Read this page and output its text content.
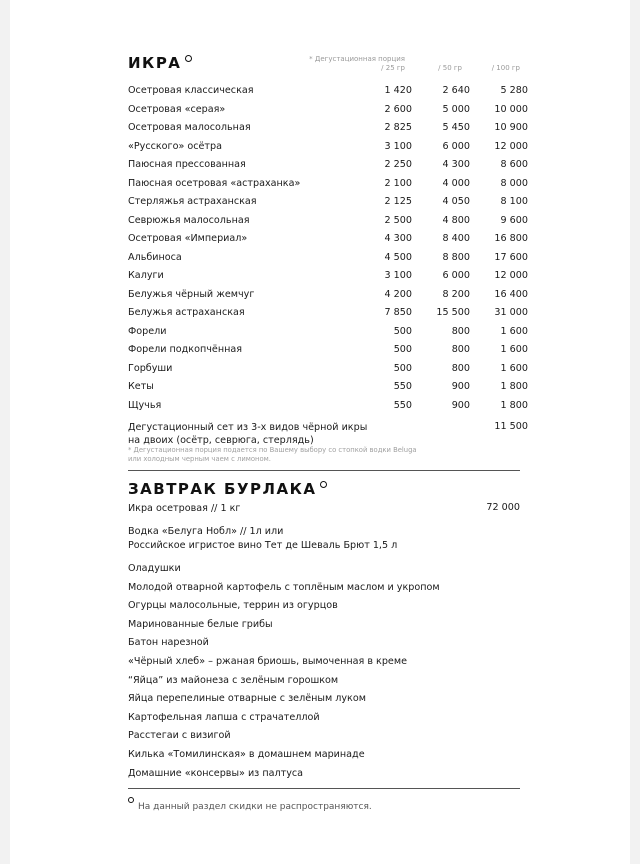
ИКРА	* Дегустационная порция
/ 25 гр	/ 50 гр	/ 100 гр
Осетровая классическая	1 420	2 640	5 280
Осетровая «серая»	2 600	5 000	10 000
Осетровая малосольная	2 825	5 450	10 900
«Русского» осётра	3 100	6 000	12 000
Паюсная прессованная	2 250	4 300	8 600
Паюсная осетровая «астраханка»	2 100	4 000	8 000
Стерляжья астраханская	2 125	4 050	8 100
Севрюжья малосольная	2 500	4 800	9 600
Осетровая «Империал»	4 300	8 400	16 800
Альбиноса	4 500	8 800	17 600
Калуги	3 100	6 000	12 000
Белужья чёрный жемчуг	4 200	8 200	16 400
Белужья астраханская	7 850	15 500	31 000
Форели	500	800	1 600
Форели подкопчённая	500	800	1 600
Горбуши	500	800	1 600
Кеты	550	900	1 800
Щучья	550	900	1 800
Дегустационный сет из 3-х видов чёрной икры
на двоих (осётр, севрюга, стерлядь)
11 500
* Дегустационная порция подается по Вашему выбору со стопкой водки Beluga
или холодным черным чаем с лимоном.
ЗАВТРАК БУРЛАКА
Икра осетровая // 1 кг	72 000
Водка «Белуга Нобл» // 1л или
Российское игристое вино Тет де Шеваль Брют 1,5 л
Оладушки
Молодой отварной картофель с топлёным маслом и укропом
Огурцы малосольные, террин из огурцов
Маринованные белые грибы
Батон нарезной
«Чёрный хлеб» – ржаная бриошь, вымоченная в креме
“Яйца” из майонеза с зелёным горошком
Яйца перепелиные отварные с зелёным луком
Картофельная лапша с страчателлой
Расстегаи с визигой
Килька «Томилинская» в домашнем маринаде
Домашние «консервы» из палтуса
На данный раздел скидки не распространяются.
